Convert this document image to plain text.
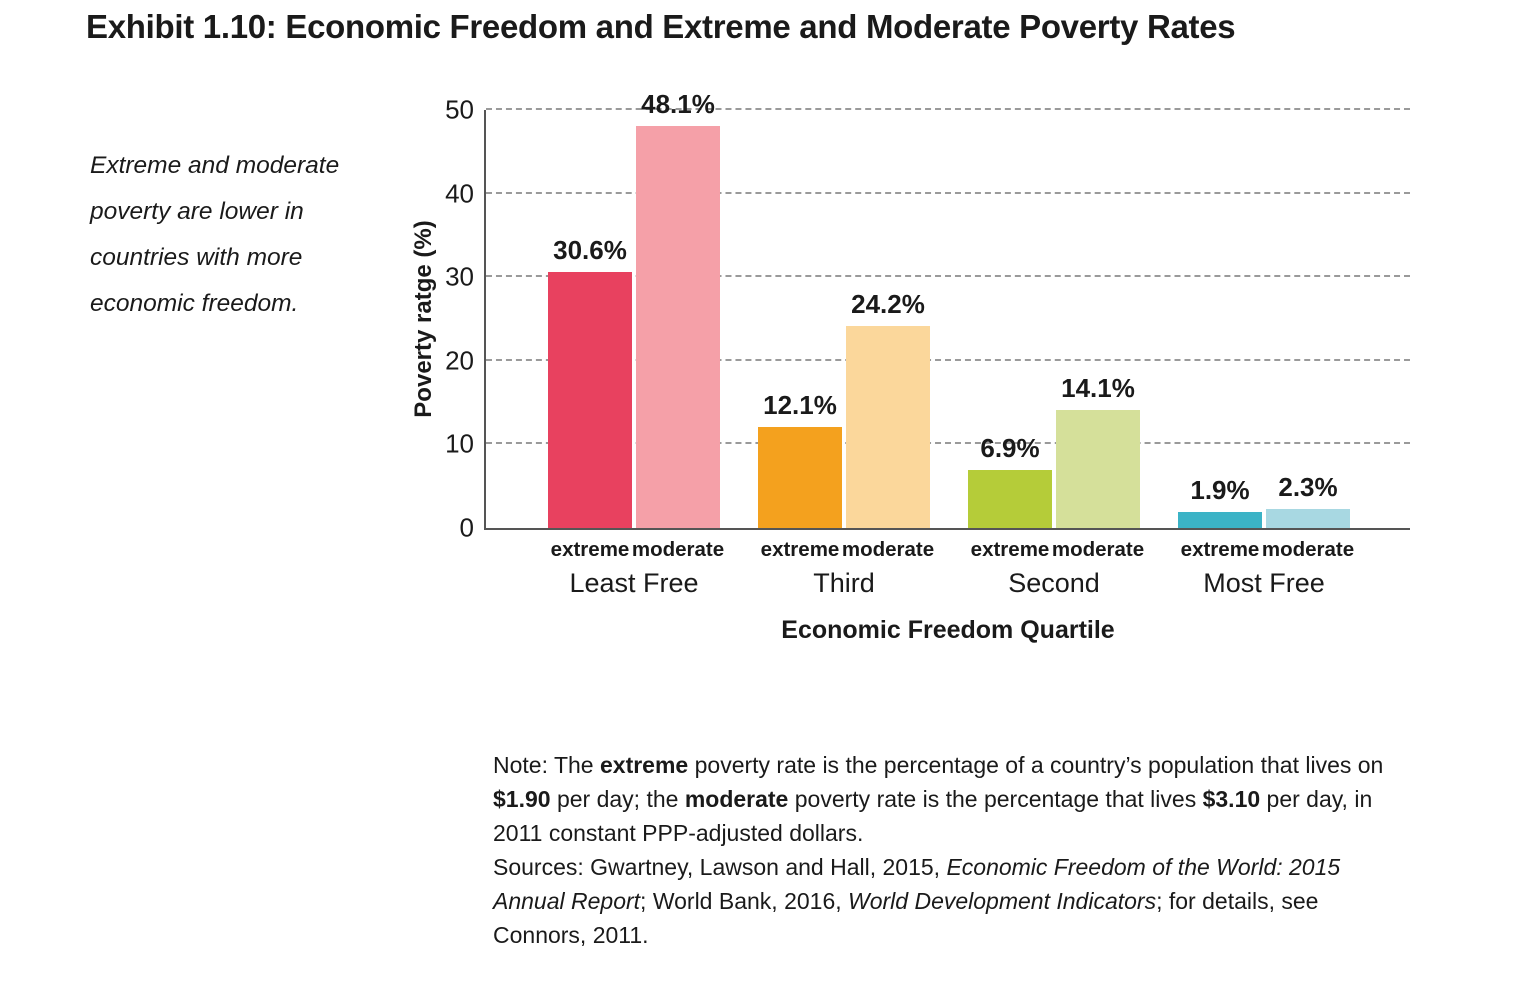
Exhibit 1.10: Economic Freedom and Extreme and Moderate Poverty Rates
Extreme and moderate poverty are lower in countries with more economic freedom.	Poverty ratge (%)
0
10
20
30
40
50
30.6%
extreme
48.1%
moderate
Least Free
12.1%
extreme
24.2%
moderate
Third
6.9%
extreme
14.1%
moderate
Second
1.9%
extreme
2.3%
moderate
Most Free
Economic Freedom Quartile

Note: The extreme poverty rate is the percentage of a country’s population that lives on $1.90 per day; the moderate poverty rate is the percentage that lives $3.10 per day, in 2011 constant PPP-adjusted dollars.

Sources: Gwartney, Lawson and Hall, 2015, Economic Freedom of the World: 2015 Annual Report; World Bank, 2016, World Development Indicators; for details, see Connors, 2011.
